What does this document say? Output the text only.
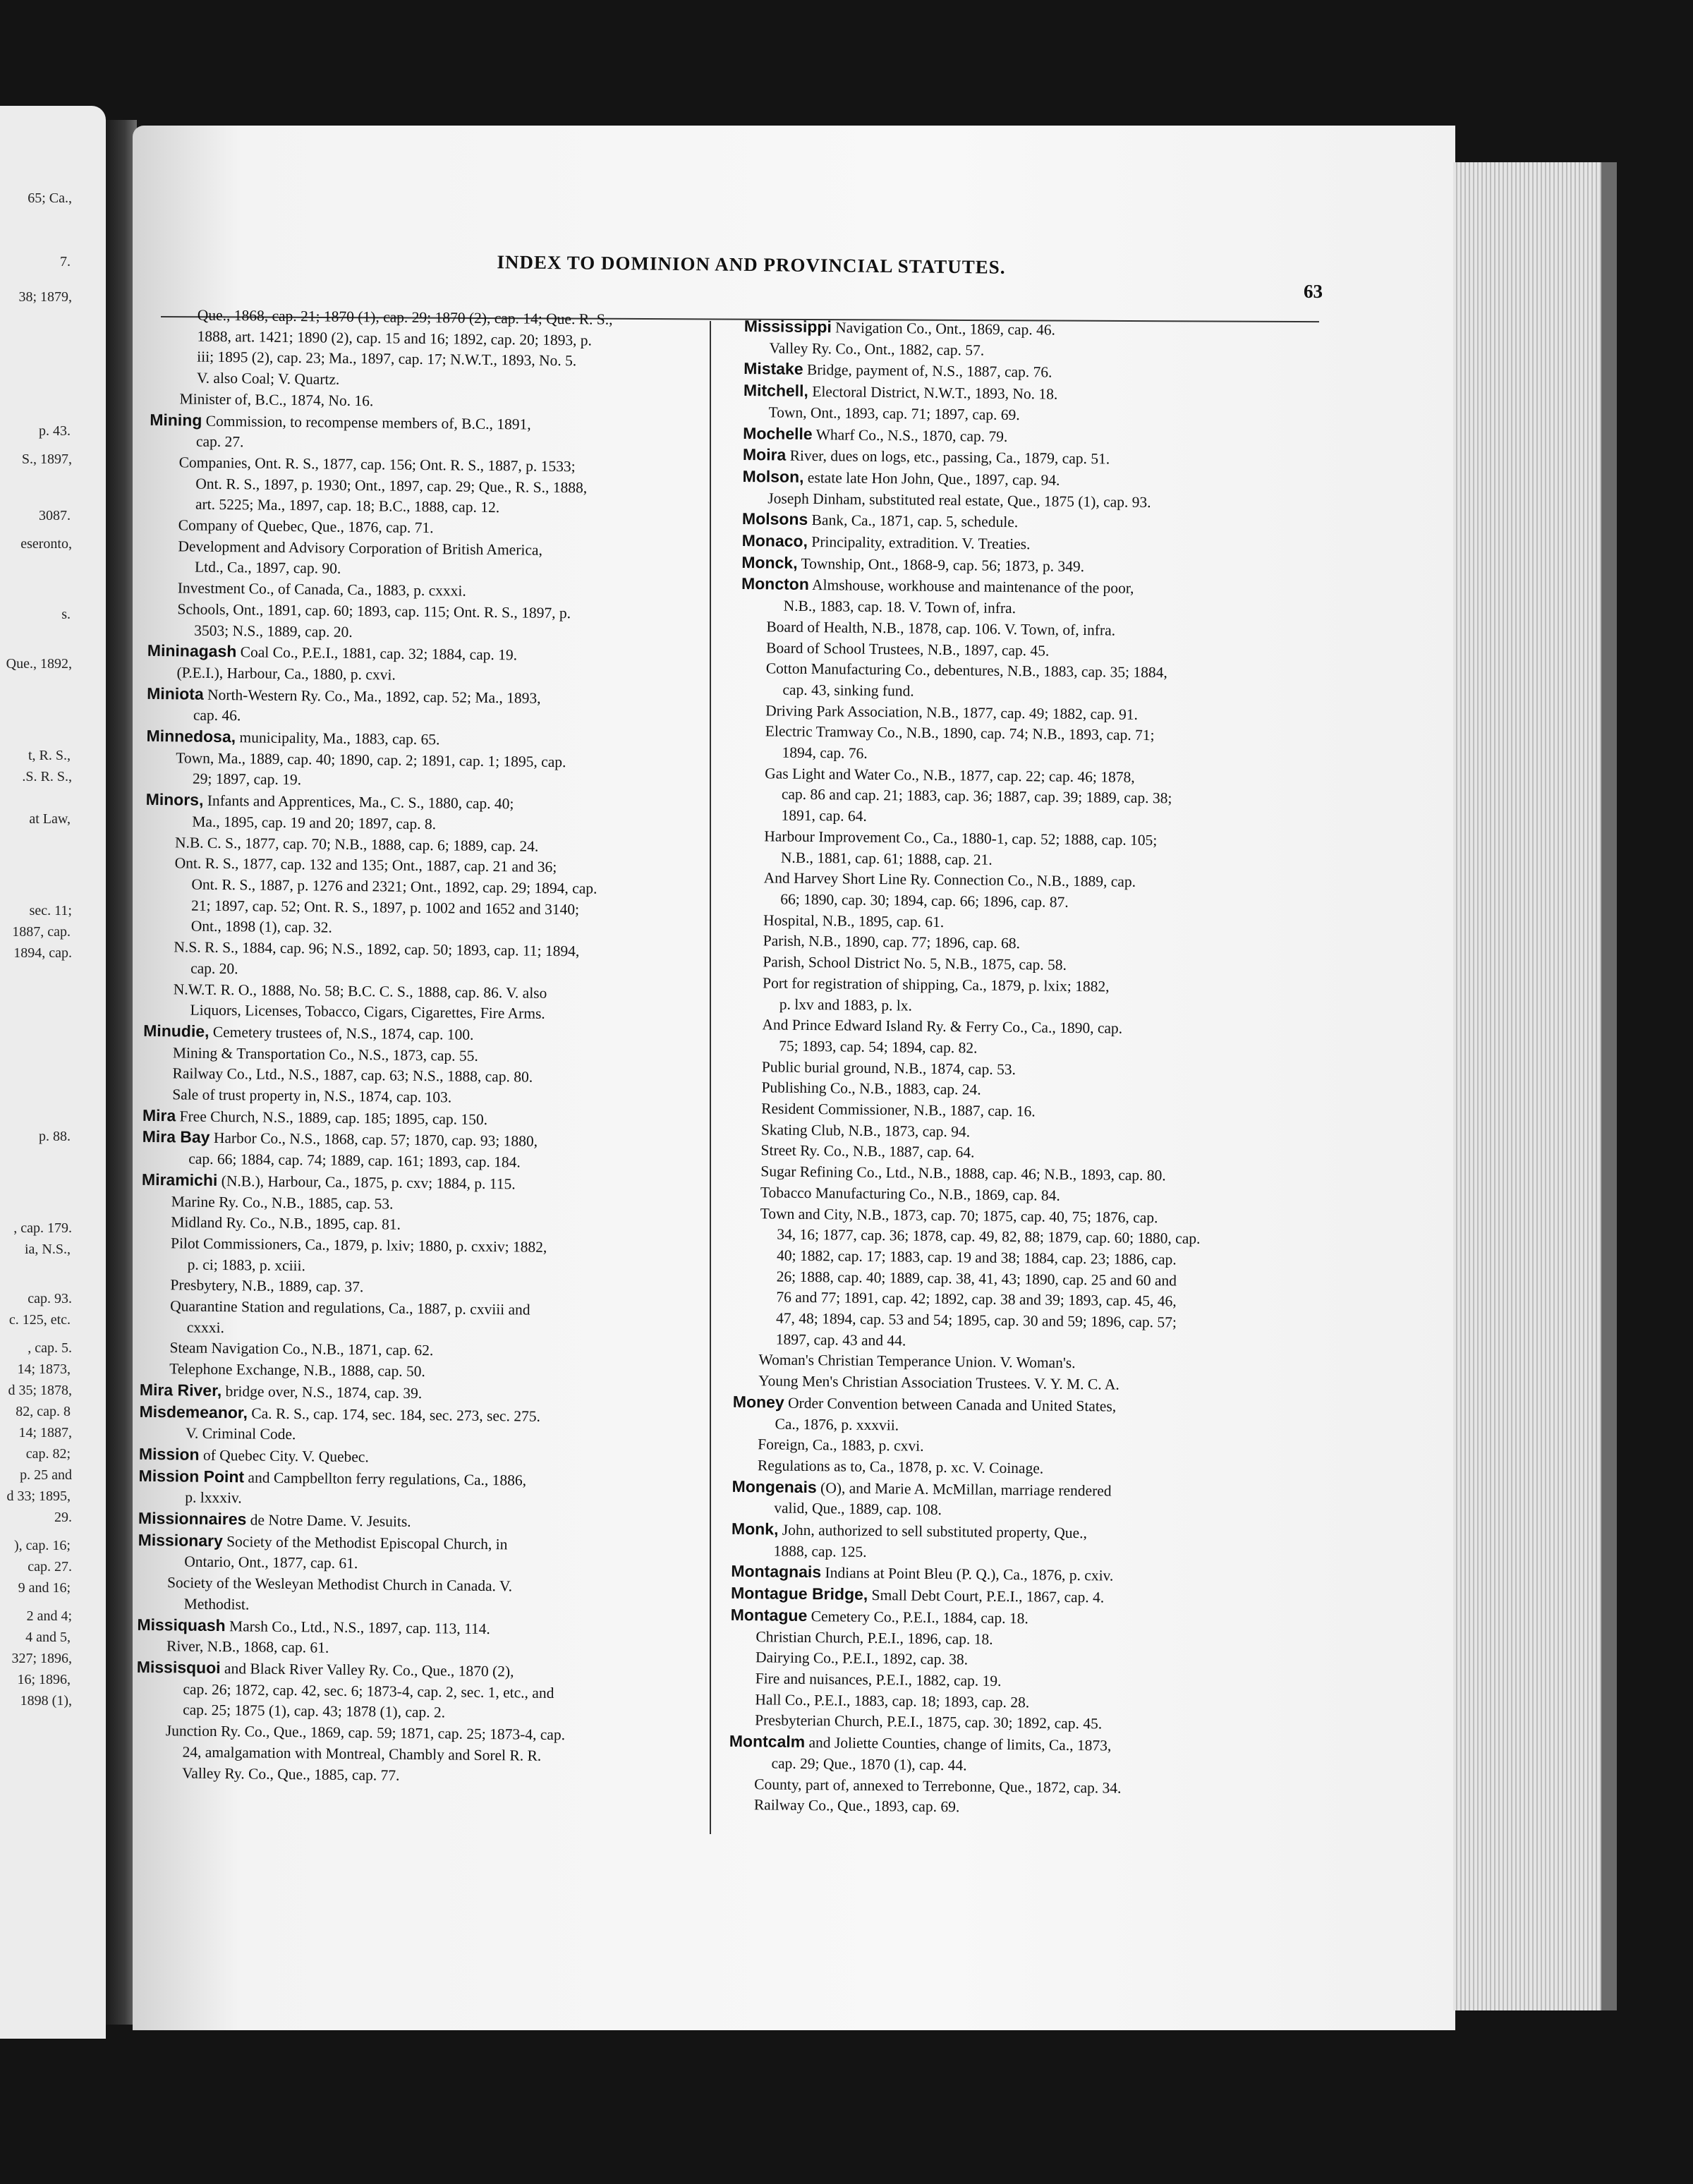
65; Ca.,
7.
38; 1879,
p. 43.
S., 1897,
3087.
eseronto,
s.
Que., 1892,
t, R. S.,
.S. R. S.,
at Law,
sec. 11;
1887, cap.
1894, cap.
p. 88.
, cap. 179.
ia, N.S.,
cap. 93.
c. 125, etc.
, cap. 5.
14; 1873,
d 35; 1878,
82, cap. 8
14; 1887,
cap. 82;
p. 25 and
d 33; 1895,
29.
), cap. 16;
cap. 27.
9 and 16;
2 and 4;
4 and 5,
327; 1896,
16; 1896,
1898 (1),
INDEX TO DOMINION AND PROVINCIAL STATUTES.
63
Que., 1868, cap. 21; 1870 (1), cap. 29; 1870 (2), cap. 14; Que. R. S.,
1888, art. 1421; 1890 (2), cap. 15 and 16; 1892, cap. 20; 1893, p.
iii; 1895 (2), cap. 23; Ma., 1897, cap. 17; N.W.T., 1893, No. 5.
V. also Coal; V. Quartz.
Minister of, B.C., 1874, No. 16.
Mining Commission, to recompense members of, B.C., 1891,
cap. 27.
Companies, Ont. R. S., 1877, cap. 156; Ont. R. S., 1887, p. 1533;
Ont. R. S., 1897, p. 1930; Ont., 1897, cap. 29; Que., R. S., 1888,
art. 5225; Ma., 1897, cap. 18; B.C., 1888, cap. 12.
Company of Quebec, Que., 1876, cap. 71.
Development and Advisory Corporation of British America,
Ltd., Ca., 1897, cap. 90.
Investment Co., of Canada, Ca., 1883, p. cxxxi.
Schools, Ont., 1891, cap. 60; 1893, cap. 115; Ont. R. S., 1897, p.
3503; N.S., 1889, cap. 20.
Mininagash Coal Co., P.E.I., 1881, cap. 32; 1884, cap. 19.
(P.E.I.), Harbour, Ca., 1880, p. cxvi.
Miniota North-Western Ry. Co., Ma., 1892, cap. 52; Ma., 1893,
cap. 46.
Minnedosa, municipality, Ma., 1883, cap. 65.
Town, Ma., 1889, cap. 40; 1890, cap. 2; 1891, cap. 1; 1895, cap.
29; 1897, cap. 19.
Minors, Infants and Apprentices, Ma., C. S., 1880, cap. 40;
Ma., 1895, cap. 19 and 20; 1897, cap. 8.
N.B. C. S., 1877, cap. 70; N.B., 1888, cap. 6; 1889, cap. 24.
Ont. R. S., 1877, cap. 132 and 135; Ont., 1887, cap. 21 and 36;
Ont. R. S., 1887, p. 1276 and 2321; Ont., 1892, cap. 29; 1894, cap.
21; 1897, cap. 52; Ont. R. S., 1897, p. 1002 and 1652 and 3140;
Ont., 1898 (1), cap. 32.
N.S. R. S., 1884, cap. 96; N.S., 1892, cap. 50; 1893, cap. 11; 1894,
cap. 20.
N.W.T. R. O., 1888, No. 58; B.C. C. S., 1888, cap. 86. V. also
Liquors, Licenses, Tobacco, Cigars, Cigarettes, Fire Arms.
Minudie, Cemetery trustees of, N.S., 1874, cap. 100.
Mining & Transportation Co., N.S., 1873, cap. 55.
Railway Co., Ltd., N.S., 1887, cap. 63; N.S., 1888, cap. 80.
Sale of trust property in, N.S., 1874, cap. 103.
Mira Free Church, N.S., 1889, cap. 185; 1895, cap. 150.
Mira Bay Harbor Co., N.S., 1868, cap. 57; 1870, cap. 93; 1880,
cap. 66; 1884, cap. 74; 1889, cap. 161; 1893, cap. 184.
Miramichi (N.B.), Harbour, Ca., 1875, p. cxv; 1884, p. 115.
Marine Ry. Co., N.B., 1885, cap. 53.
Midland Ry. Co., N.B., 1895, cap. 81.
Pilot Commissioners, Ca., 1879, p. lxiv; 1880, p. cxxiv; 1882,
p. ci; 1883, p. xciii.
Presbytery, N.B., 1889, cap. 37.
Quarantine Station and regulations, Ca., 1887, p. cxviii and
cxxxi.
Steam Navigation Co., N.B., 1871, cap. 62.
Telephone Exchange, N.B., 1888, cap. 50.
Mira River, bridge over, N.S., 1874, cap. 39.
Misdemeanor, Ca. R. S., cap. 174, sec. 184, sec. 273, sec. 275.
V. Criminal Code.
Mission of Quebec City. V. Quebec.
Mission Point and Campbellton ferry regulations, Ca., 1886,
p. lxxxiv.
Missionnaires de Notre Dame. V. Jesuits.
Missionary Society of the Methodist Episcopal Church, in
Ontario, Ont., 1877, cap. 61.
Society of the Wesleyan Methodist Church in Canada. V.
Methodist.
Missiquash Marsh Co., Ltd., N.S., 1897, cap. 113, 114.
River, N.B., 1868, cap. 61.
Missisquoi and Black River Valley Ry. Co., Que., 1870 (2),
cap. 26; 1872, cap. 42, sec. 6; 1873-4, cap. 2, sec. 1, etc., and
cap. 25; 1875 (1), cap. 43; 1878 (1), cap. 2.
Junction Ry. Co., Que., 1869, cap. 59; 1871, cap. 25; 1873-4, cap.
24, amalgamation with Montreal, Chambly and Sorel R. R.
Valley Ry. Co., Que., 1885, cap. 77.
Mississippi Navigation Co., Ont., 1869, cap. 46.
Valley Ry. Co., Ont., 1882, cap. 57.
Mistake Bridge, payment of, N.S., 1887, cap. 76.
Mitchell, Electoral District, N.W.T., 1893, No. 18.
Town, Ont., 1893, cap. 71; 1897, cap. 69.
Mochelle Wharf Co., N.S., 1870, cap. 79.
Moira River, dues on logs, etc., passing, Ca., 1879, cap. 51.
Molson, estate late Hon John, Que., 1897, cap. 94.
Joseph Dinham, substituted real estate, Que., 1875 (1), cap. 93.
Molsons Bank, Ca., 1871, cap. 5, schedule.
Monaco, Principality, extradition. V. Treaties.
Monck, Township, Ont., 1868-9, cap. 56; 1873, p. 349.
Moncton Almshouse, workhouse and maintenance of the poor,
N.B., 1883, cap. 18. V. Town of, infra.
Board of Health, N.B., 1878, cap. 106. V. Town, of, infra.
Board of School Trustees, N.B., 1897, cap. 45.
Cotton Manufacturing Co., debentures, N.B., 1883, cap. 35; 1884,
cap. 43, sinking fund.
Driving Park Association, N.B., 1877, cap. 49; 1882, cap. 91.
Electric Tramway Co., N.B., 1890, cap. 74; N.B., 1893, cap. 71;
1894, cap. 76.
Gas Light and Water Co., N.B., 1877, cap. 22; cap. 46; 1878,
cap. 86 and cap. 21; 1883, cap. 36; 1887, cap. 39; 1889, cap. 38;
1891, cap. 64.
Harbour Improvement Co., Ca., 1880-1, cap. 52; 1888, cap. 105;
N.B., 1881, cap. 61; 1888, cap. 21.
And Harvey Short Line Ry. Connection Co., N.B., 1889, cap.
66; 1890, cap. 30; 1894, cap. 66; 1896, cap. 87.
Hospital, N.B., 1895, cap. 61.
Parish, N.B., 1890, cap. 77; 1896, cap. 68.
Parish, School District No. 5, N.B., 1875, cap. 58.
Port for registration of shipping, Ca., 1879, p. lxix; 1882,
p. lxv and 1883, p. lx.
And Prince Edward Island Ry. & Ferry Co., Ca., 1890, cap.
75; 1893, cap. 54; 1894, cap. 82.
Public burial ground, N.B., 1874, cap. 53.
Publishing Co., N.B., 1883, cap. 24.
Resident Commissioner, N.B., 1887, cap. 16.
Skating Club, N.B., 1873, cap. 94.
Street Ry. Co., N.B., 1887, cap. 64.
Sugar Refining Co., Ltd., N.B., 1888, cap. 46; N.B., 1893, cap. 80.
Tobacco Manufacturing Co., N.B., 1869, cap. 84.
Town and City, N.B., 1873, cap. 70; 1875, cap. 40, 75; 1876, cap.
34, 16; 1877, cap. 36; 1878, cap. 49, 82, 88; 1879, cap. 60; 1880, cap.
40; 1882, cap. 17; 1883, cap. 19 and 38; 1884, cap. 23; 1886, cap.
26; 1888, cap. 40; 1889, cap. 38, 41, 43; 1890, cap. 25 and 60 and
76 and 77; 1891, cap. 42; 1892, cap. 38 and 39; 1893, cap. 45, 46,
47, 48; 1894, cap. 53 and 54; 1895, cap. 30 and 59; 1896, cap. 57;
1897, cap. 43 and 44.
Woman's Christian Temperance Union. V. Woman's.
Young Men's Christian Association Trustees. V. Y. M. C. A.
Money Order Convention between Canada and United States,
Ca., 1876, p. xxxvii.
Foreign, Ca., 1883, p. cxvi.
Regulations as to, Ca., 1878, p. xc. V. Coinage.
Mongenais (O), and Marie A. McMillan, marriage rendered
valid, Que., 1889, cap. 108.
Monk, John, authorized to sell substituted property, Que.,
1888, cap. 125.
Montagnais Indians at Point Bleu (P. Q.), Ca., 1876, p. cxiv.
Montague Bridge, Small Debt Court, P.E.I., 1867, cap. 4.
Montague Cemetery Co., P.E.I., 1884, cap. 18.
Christian Church, P.E.I., 1896, cap. 18.
Dairying Co., P.E.I., 1892, cap. 38.
Fire and nuisances, P.E.I., 1882, cap. 19.
Hall Co., P.E.I., 1883, cap. 18; 1893, cap. 28.
Presbyterian Church, P.E.I., 1875, cap. 30; 1892, cap. 45.
Montcalm and Joliette Counties, change of limits, Ca., 1873,
cap. 29; Que., 1870 (1), cap. 44.
County, part of, annexed to Terrebonne, Que., 1872, cap. 34.
Railway Co., Que., 1893, cap. 69.
